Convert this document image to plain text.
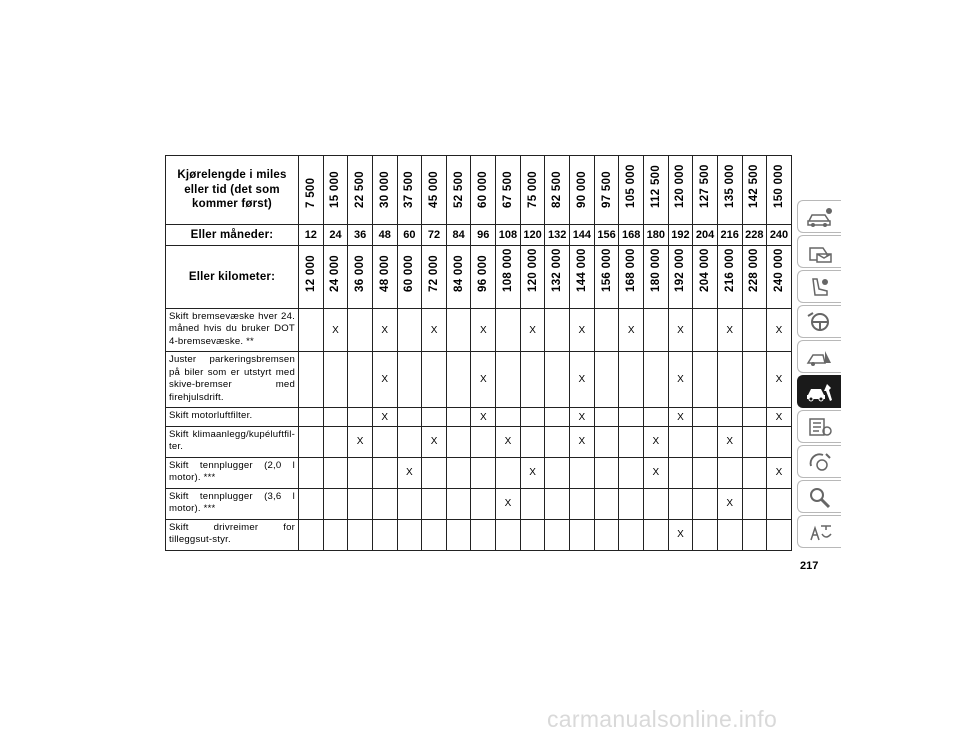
Kjørelengde i miles eller tid (det som kommer først)	7 500	15 000	22 500	30 000	37 500	45 000	52 500	60 000	67 500	75 000	82 500	90 000	97 500	105 000	112 500	120 000	127 500	135 000	142 500	150 000

Eller måneder:	12	24	36	48	60	72	84	96	108	120	132	144	156	168	180	192	204	216	228	240
Eller kilometer:	12 000	24 000	36 000	48 000	60 000	72 000	84 000	96 000	108 000	120 000	132 000	144 000	156 000	168 000	180 000	192 000	204 000	216 000	228 000	240 000

Skift bremsevæske hver 24. måned hvis du bruker DOT 4-bremsevæske. **		X		X		X		X		X		X		X		X		X		X
Juster parkeringsbremsen på biler som er utstyrt med skive-bremser med firehjulsdrift.				X				X				X				X				X
Skift motorluftfilter.				X				X				X				X				X
Skift klimaanlegg/kupéluftfil-ter.			X			X			X			X			X			X		
Skift tennplugger (2,0 l motor). ***					X					X					X					X
Skift tennplugger (3,6 l motor). ***									X									X		
Skift drivreimer for tilleggsut-styr.																X				
217
carmanualsonline.info
